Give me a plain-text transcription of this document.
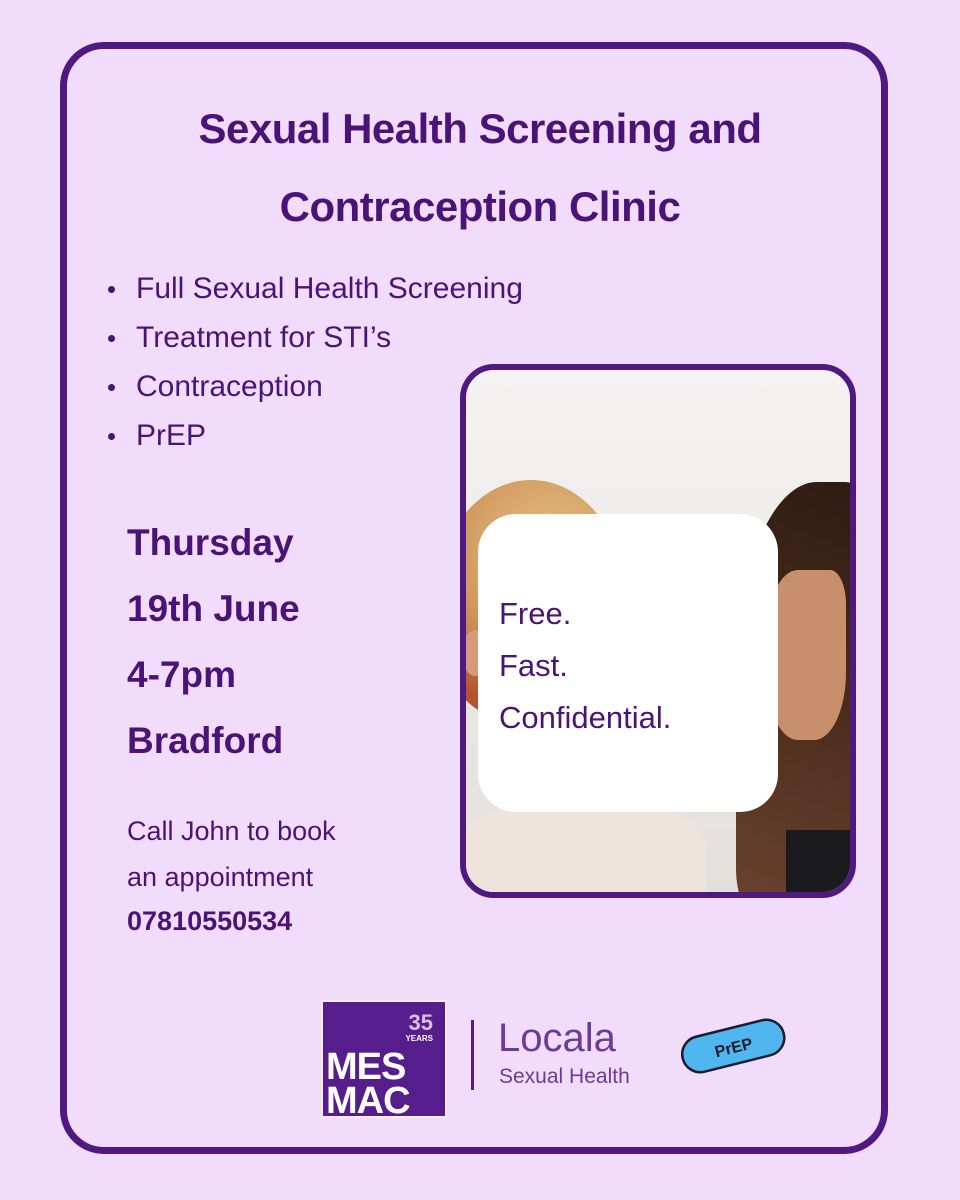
Sexual Health Screening and
Contraception Clinic
Full Sexual Health Screening
Treatment for STI’s
Contraception
PrEP
Thursday
19th June
4-7pm
Bradford
Call John to book
an appointment
07810550534
Free.
Fast.
Confidential.
35
YEARS
MES
MAC
Locala
Sexual Health
PrEP
